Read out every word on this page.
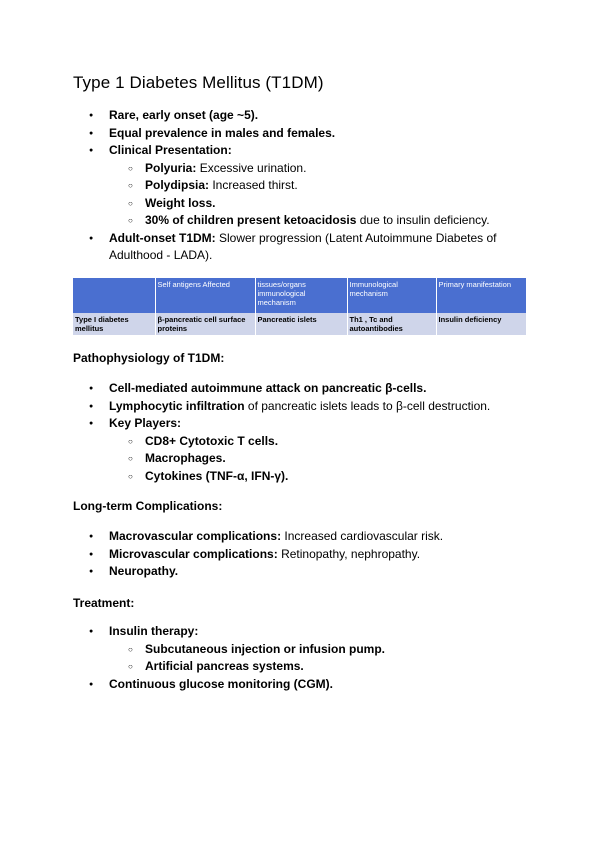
Type 1 Diabetes Mellitus (T1DM)
● Rare, early onset (age ~5).
● Equal prevalence in males and females.
● Clinical Presentation:
○ Polyuria: Excessive urination.
○ Polydipsia: Increased thirst.
○ Weight loss.
○ 30% of children present ketoacidosis due to insulin deficiency.
● Adult-onset T1DM: Slower progression (Latent Autoimmune Diabetes of Adulthood - LADA).
	Self antigens Affected	tissues/organs immunological mechanism	Immunological mechanism	Primary manifestation
Type I diabetes mellitus	β-pancreatic cell surface proteins	Pancreatic islets	Th1 , Tc and autoantibodies	Insulin deficiency

Pathophysiology of T1DM:

● Cell-mediated autoimmune attack on pancreatic β-cells.
● Lymphocytic infiltration of pancreatic islets leads to β-cell destruction.
● Key Players:
○ CD8+ Cytotoxic T cells.
○ Macrophages.
○ Cytokines (TNF-α, IFN-γ).

Long-term Complications:

● Macrovascular complications: Increased cardiovascular risk.
● Microvascular complications: Retinopathy, nephropathy.
● Neuropathy.

Treatment:

● Insulin therapy:
○ Subcutaneous injection or infusion pump.
○ Artificial pancreas systems.
● Continuous glucose monitoring (CGM).
